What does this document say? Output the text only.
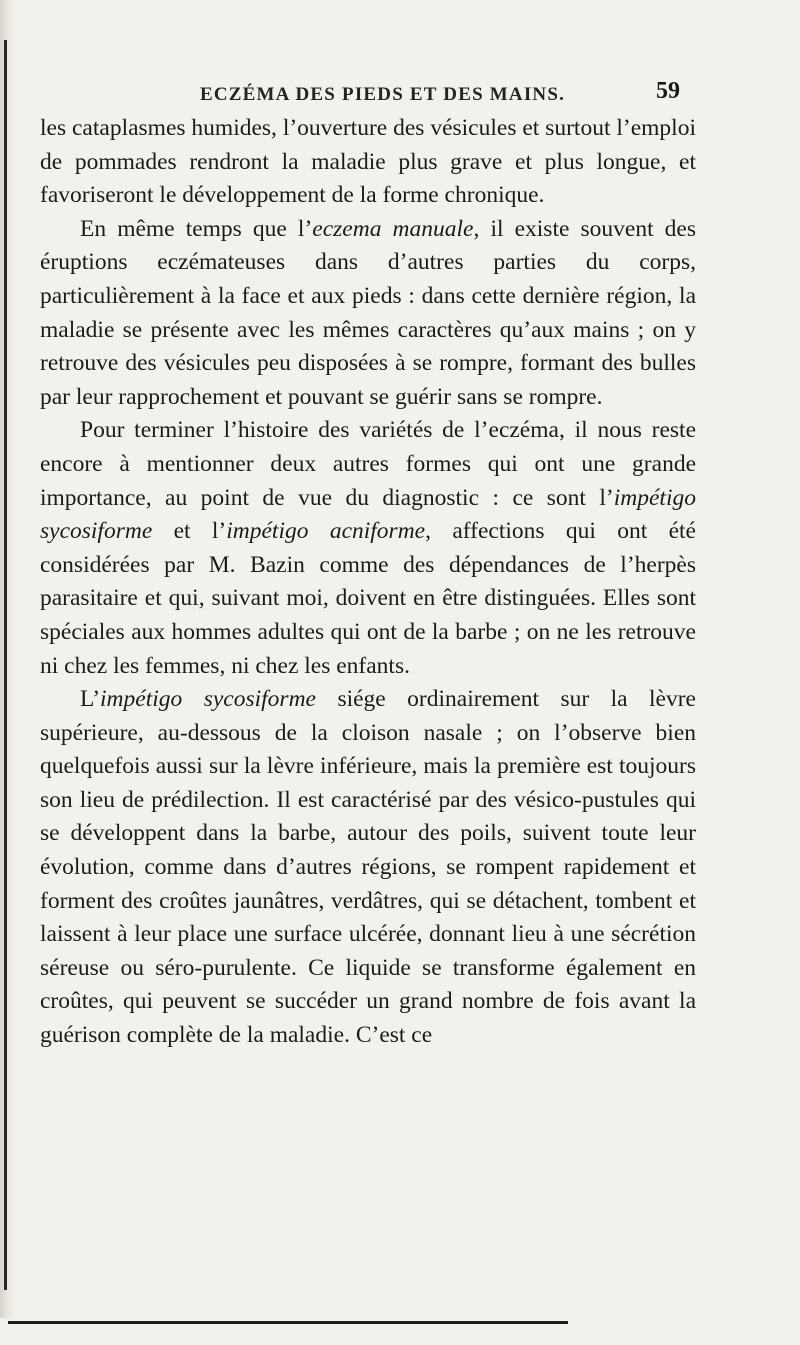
ECZÉMA DES PIEDS ET DES MAINS.	59

les cataplasmes humides, l’ouverture des vésicules et surtout l’emploi de pommades rendront la maladie plus grave et plus longue, et favoriseront le développement de la forme chronique.

En même temps que l’eczema manuale, il existe souvent des éruptions eczémateuses dans d’autres parties du corps, particulièrement à la face et aux pieds : dans cette dernière région, la maladie se présente avec les mêmes caractères qu’aux mains ; on y retrouve des vésicules peu disposées à se rompre, formant des bulles par leur rapprochement et pouvant se guérir sans se rompre.

Pour terminer l’histoire des variétés de l’eczéma, il nous reste encore à mentionner deux autres formes qui ont une grande importance, au point de vue du diagnostic : ce sont l’impétigo sycosiforme et l’impétigo acniforme, affections qui ont été considérées par M. Bazin comme des dépendances de l’herpès parasitaire et qui, suivant moi, doivent en être distinguées. Elles sont spéciales aux hommes adultes qui ont de la barbe ; on ne les retrouve ni chez les femmes, ni chez les enfants.

L’impétigo sycosiforme siége ordinairement sur la lèvre supérieure, au-dessous de la cloison nasale ; on l’observe bien quelquefois aussi sur la lèvre inférieure, mais la première est toujours son lieu de prédilection. Il est caractérisé par des vésico-pustules qui se développent dans la barbe, autour des poils, suivent toute leur évolution, comme dans d’autres régions, se rompent rapidement et forment des croûtes jaunâtres, verdâtres, qui se détachent, tombent et laissent à leur place une surface ulcérée, donnant lieu à une sécrétion séreuse ou séro-purulente. Ce liquide se transforme également en croûtes, qui peuvent se succéder un grand nombre de fois avant la guérison complète de la maladie. C’est ce
